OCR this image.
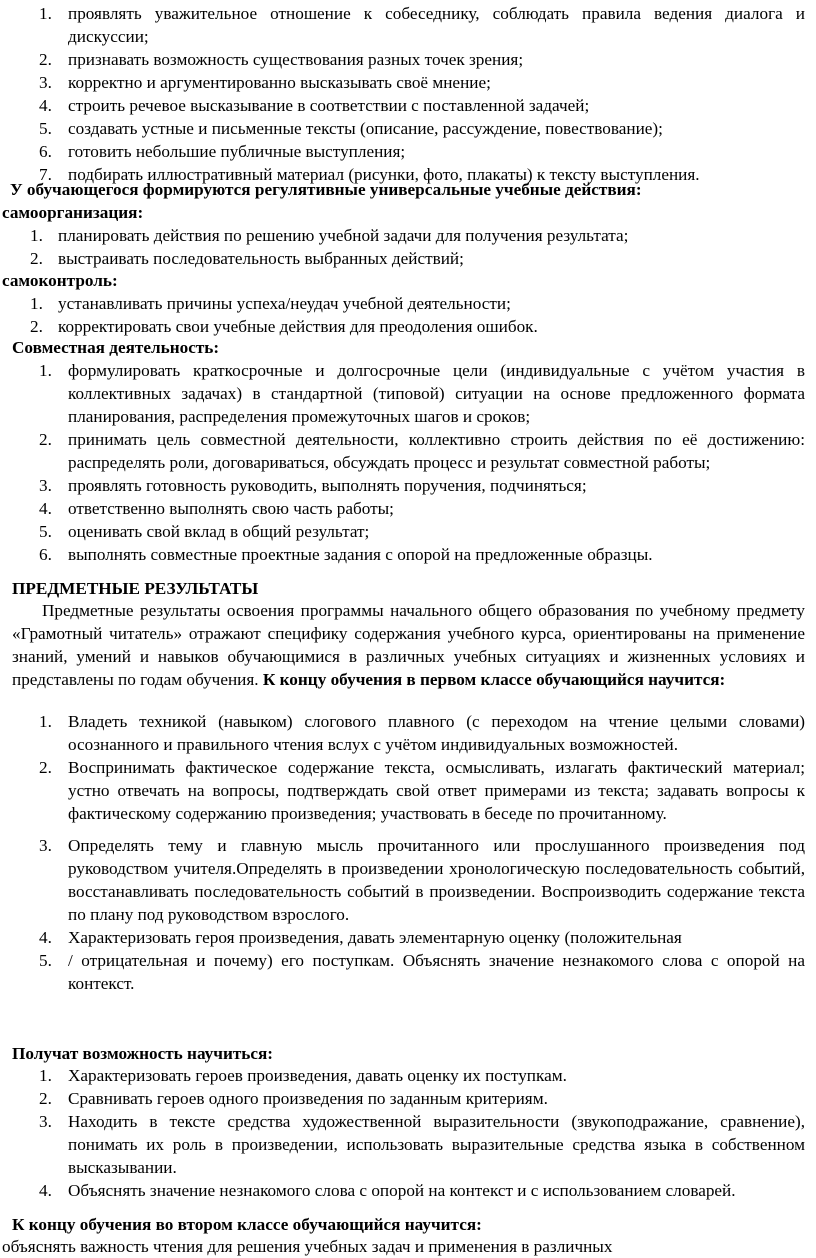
1. проявлять уважительное отношение к собеседнику, соблюдать правила ведения диалога и дискуссии;
2. признавать возможность существования разных точек зрения;
3. корректно и аргументированно высказывать своё мнение;
4. строить речевое высказывание в соответствии с поставленной задачей;
5. создавать устные и письменные тексты (описание, рассуждение, повествование);
6. готовить небольшие публичные выступления;
7. подбирать иллюстративный материал (рисунки, фото, плакаты) к тексту выступления.
У обучающегося формируются регулятивные универсальные учебные действия:
самоорганизация:
1. планировать действия по решению учебной задачи для получения результата;
2. выстраивать последовательность выбранных действий;
самоконтроль:
1. устанавливать причины успеха/неудач учебной деятельности;
2. корректировать свои учебные действия для преодоления ошибок.
Совместная деятельность:
1. формулировать краткосрочные и долгосрочные цели (индивидуальные с учётом участия в коллективных задачах) в стандартной (типовой) ситуации на основе предложенного формата планирования, распределения промежуточных шагов и сроков;
2. принимать цель совместной деятельности, коллективно строить действия по её достижению: распределять роли, договариваться, обсуждать процесс и результат совместной работы;
3. проявлять готовность руководить, выполнять поручения, подчиняться;
4. ответственно выполнять свою часть работы;
5. оценивать свой вклад в общий результат;
6. выполнять совместные проектные задания с опорой на предложенные образцы.
ПРЕДМЕТНЫЕ РЕЗУЛЬТАТЫ

Предметные результаты освоения программы начального общего образования по учебному предмету «Грамотный читатель» отражают специфику содержания учебного курса, ориентированы на применение знаний, умений и навыков обучающимися в различных учебных ситуациях и жизненных условиях и представлены по годам обучения. К концу обучения в первом классе обучающийся научится:

1. Владеть техникой (навыком) слогового плавного (с переходом на чтение целыми словами) осознанного и правильного чтения вслух с учётом индивидуальных возможностей.
2. Воспринимать фактическое содержание текста, осмысливать, излагать фактический материал; устно отвечать на вопросы, подтверждать свой ответ примерами из текста; задавать вопросы к фактическому содержанию произведения; участвовать в беседе по прочитанному.
3. Определять тему и главную мысль прочитанного или прослушанного произведения под руководством учителя.Определять в произведении хронологическую последовательность событий, восстанавливать последовательность событий в произведении. Воспроизводить содержание текста по плану под руководством взрослого.
4. Характеризовать героя произведения, давать элементарную оценку (положительная
5. / отрицательная и почему) его поступкам. Объяснять значение незнакомого слова с опорой на контекст.
Получат возможность научиться:
1. Характеризовать героев произведения, давать оценку их поступкам.
2. Сравнивать героев одного произведения по заданным критериям.
3. Находить в тексте средства художественной выразительности (звукоподражание, сравнение), понимать их роль в произведении, использовать выразительные средства языка в собственном высказывании.
4. Объяснять значение незнакомого слова с опорой на контекст и с использованием словарей.
К концу обучения во втором классе обучающийся научится:
объяснять важность чтения для решения учебных задач и применения в различных
